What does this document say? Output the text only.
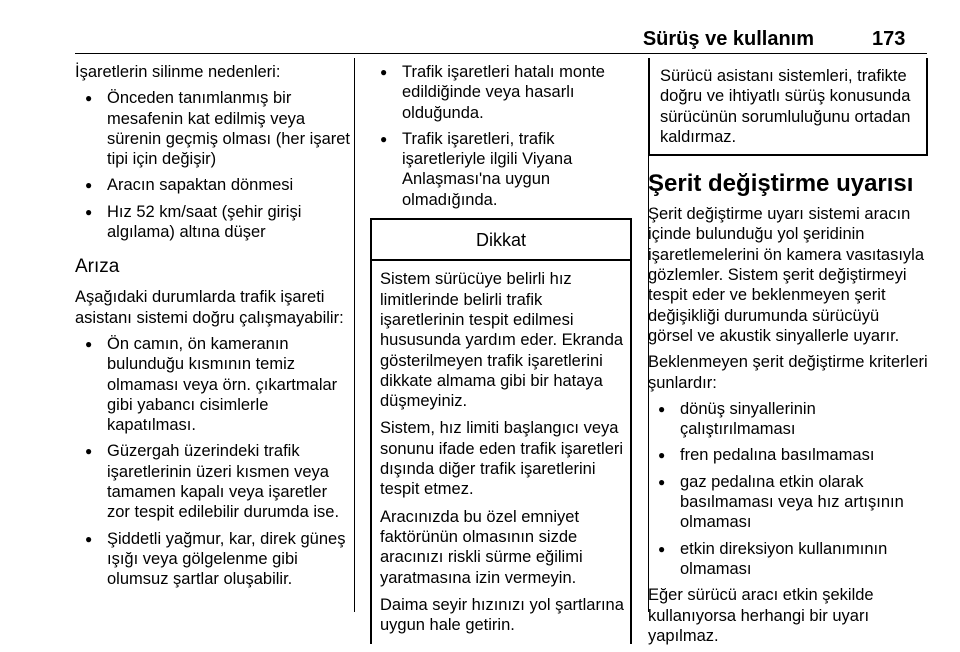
Sürüş ve kullanım	173

İşaretlerin silinme nedenleri:

● Önceden tanımlanmış bir mesafenin kat edilmiş veya sürenin geçmiş olması (her işaret tipi için değişir)
● Aracın sapaktan dönmesi
● Hız 52 km/saat (şehir girişi algılama) altına düşer
Arıza

Aşağıdaki durumlarda trafik işareti asistanı sistemi doğru çalışmayabilir:

● Ön camın, ön kameranın bulunduğu kısmının temiz olmaması veya örn. çıkartmalar gibi yabancı cisimlerle kapatılması.
● Güzergah üzerindeki trafik işaretlerinin üzeri kısmen veya tamamen kapalı veya işaretler zor tespit edilebilir durumda ise.
● Şiddetli yağmur, kar, direk güneş ışığı veya gölgelenme gibi olumsuz şartlar oluşabilir.
● Trafik işaretleri hatalı monte edildiğinde veya hasarlı olduğunda.
● Trafik işaretleri, trafik işaretleriyle ilgili Viyana Anlaşması'na uygun olmadığında.
Dikkat

Sistem sürücüye belirli hız limitlerinde belirli trafik işaretlerinin tespit edilmesi hususunda yardım eder. Ekranda gösterilmeyen trafik işaretlerini dikkate almama gibi bir hataya düşmeyiniz.

Sistem, hız limiti başlangıcı veya sonunu ifade eden trafik işaretleri dışında diğer trafik işaretlerini tespit etmez.

Aracınızda bu özel emniyet faktörünün olmasının sizde aracınızı riskli sürme eğilimi yaratmasına izin vermeyin.

Daima seyir hızınızı yol şartlarına uygun hale getirin.

Sürücü asistanı sistemleri, trafikte doğru ve ihtiyatlı sürüş konusunda sürücünün sorumluluğunu ortadan kaldırmaz.
Şerit değiştirme uyarısı

Şerit değiştirme uyarı sistemi aracın içinde bulunduğu yol şeridinin işaretlemelerini ön kamera vasıtasıyla gözlemler. Sistem şerit değiştirmeyi tespit eder ve beklenmeyen şerit değişikliği durumunda sürücüyü görsel ve akustik sinyallerle uyarır.

Beklenmeyen şerit değiştirme kriterleri şunlardır:

● dönüş sinyallerinin çalıştırılmaması
● fren pedalına basılmaması
● gaz pedalına etkin olarak basılmaması veya hız artışının olmaması
● etkin direksiyon kullanımının olmaması

Eğer sürücü aracı etkin şekilde kullanıyorsa herhangi bir uyarı yapılmaz.
